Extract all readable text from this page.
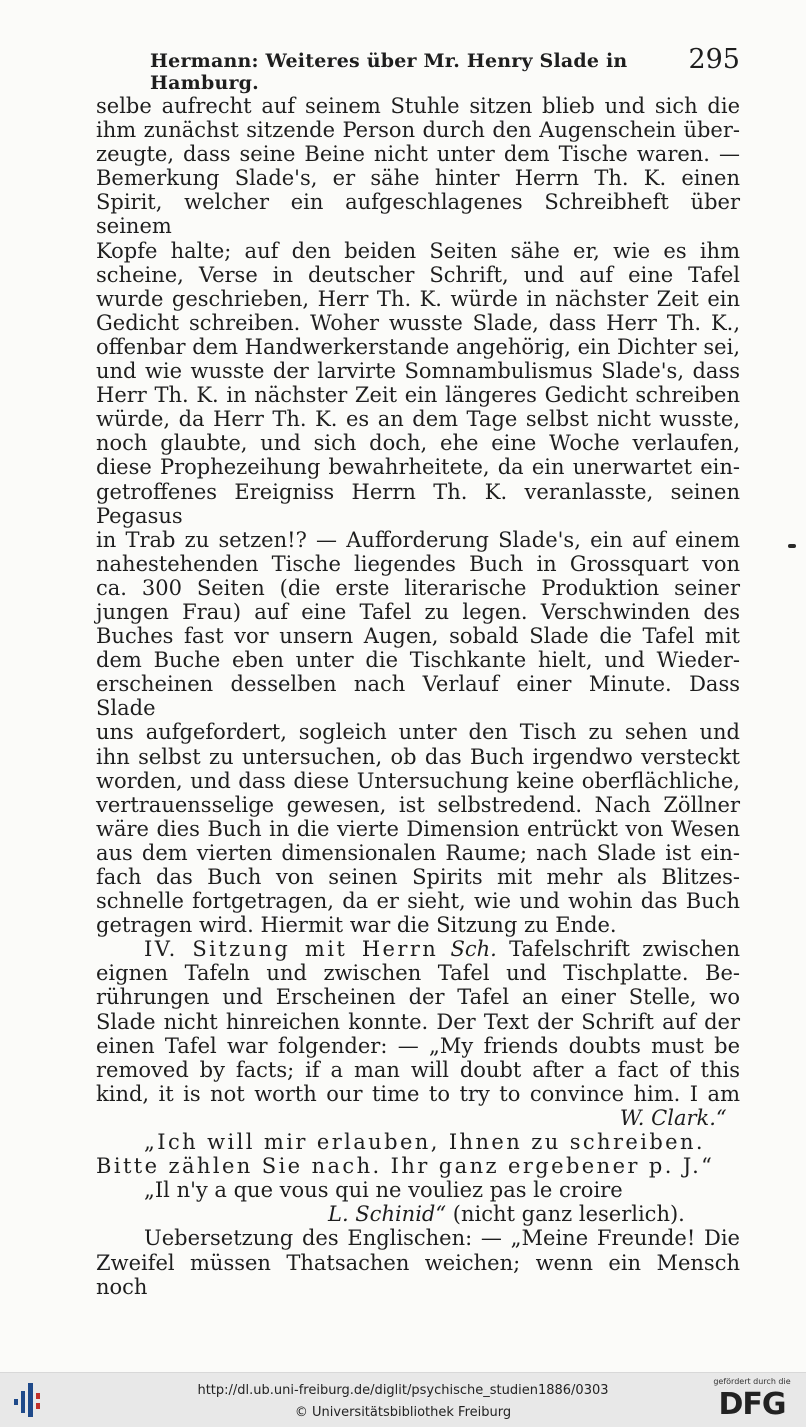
Hermann: Weiteres über Mr. Henry Slade in Hamburg.
295
selbe aufrecht auf seinem Stuhle sitzen blieb und sich die
ihm zunächst sitzende Person durch den Augenschein über-
zeugte, dass seine Beine nicht unter dem Tische waren. —
Bemerkung Slade's, er sähe hinter Herrn Th. K. einen
Spirit, welcher ein aufgeschlagenes Schreibheft über seinem
Kopfe halte; auf den beiden Seiten sähe er, wie es ihm
scheine, Verse in deutscher Schrift, und auf eine Tafel
wurde geschrieben, Herr Th. K. würde in nächster Zeit ein
Gedicht schreiben. Woher wusste Slade, dass Herr Th. K.,
offenbar dem Handwerkerstande angehörig, ein Dichter sei,
und wie wusste der larvirte Somnambulismus Slade's, dass
Herr Th. K. in nächster Zeit ein längeres Gedicht schreiben
würde, da Herr Th. K. es an dem Tage selbst nicht wusste,
noch glaubte, und sich doch, ehe eine Woche verlaufen,
diese Prophezeihung bewahrheitete, da ein unerwartet ein-
getroffenes Ereigniss Herrn Th. K. veranlasste, seinen Pegasus
in Trab zu setzen!? — Aufforderung Slade's, ein auf einem
nahestehenden Tische liegendes Buch in Grossquart von
ca. 300 Seiten (die erste literarische Produktion seiner
jungen Frau) auf eine Tafel zu legen. Verschwinden des
Buches fast vor unsern Augen, sobald Slade die Tafel mit
dem Buche eben unter die Tischkante hielt, und Wieder-
erscheinen desselben nach Verlauf einer Minute. Dass Slade
uns aufgefordert, sogleich unter den Tisch zu sehen und
ihn selbst zu untersuchen, ob das Buch irgendwo versteckt
worden, und dass diese Untersuchung keine oberflächliche,
vertrauensselige gewesen, ist selbstredend. Nach Zöllner
wäre dies Buch in die vierte Dimension entrückt von Wesen
aus dem vierten dimensionalen Raume; nach Slade ist ein-
fach das Buch von seinen Spirits mit mehr als Blitzes-
schnelle fortgetragen, da er sieht, wie und wohin das Buch
getragen wird. Hiermit war die Sitzung zu Ende.

IV. Sitzung mit Herrn Sch. Tafelschrift zwischen
eignen Tafeln und zwischen Tafel und Tischplatte. Be-
rührungen und Erscheinen der Tafel an einer Stelle, wo
Slade nicht hinreichen konnte. Der Text der Schrift auf der
einen Tafel war folgender: — „My friends doubts must be
removed by facts; if a man will doubt after a fact of this
kind, it is not worth our time to try to convince him. I am

W. Clark.“

„Ich will mir erlauben, Ihnen zu schreiben.

Bitte zählen Sie nach. Ihr ganz ergebener p. J.“

„Il n'y a que vous qui ne vouliez pas le croire

L. Schinid“ (nicht ganz leserlich).

Uebersetzung des Englischen: — „Meine Freunde! Die
Zweifel müssen Thatsachen weichen; wenn ein Mensch noch
http://dl.ub.uni-freiburg.de/diglit/psychische_studien1886/0303
© Universitätsbibliothek Freiburg
gefördert durch die
DFG
